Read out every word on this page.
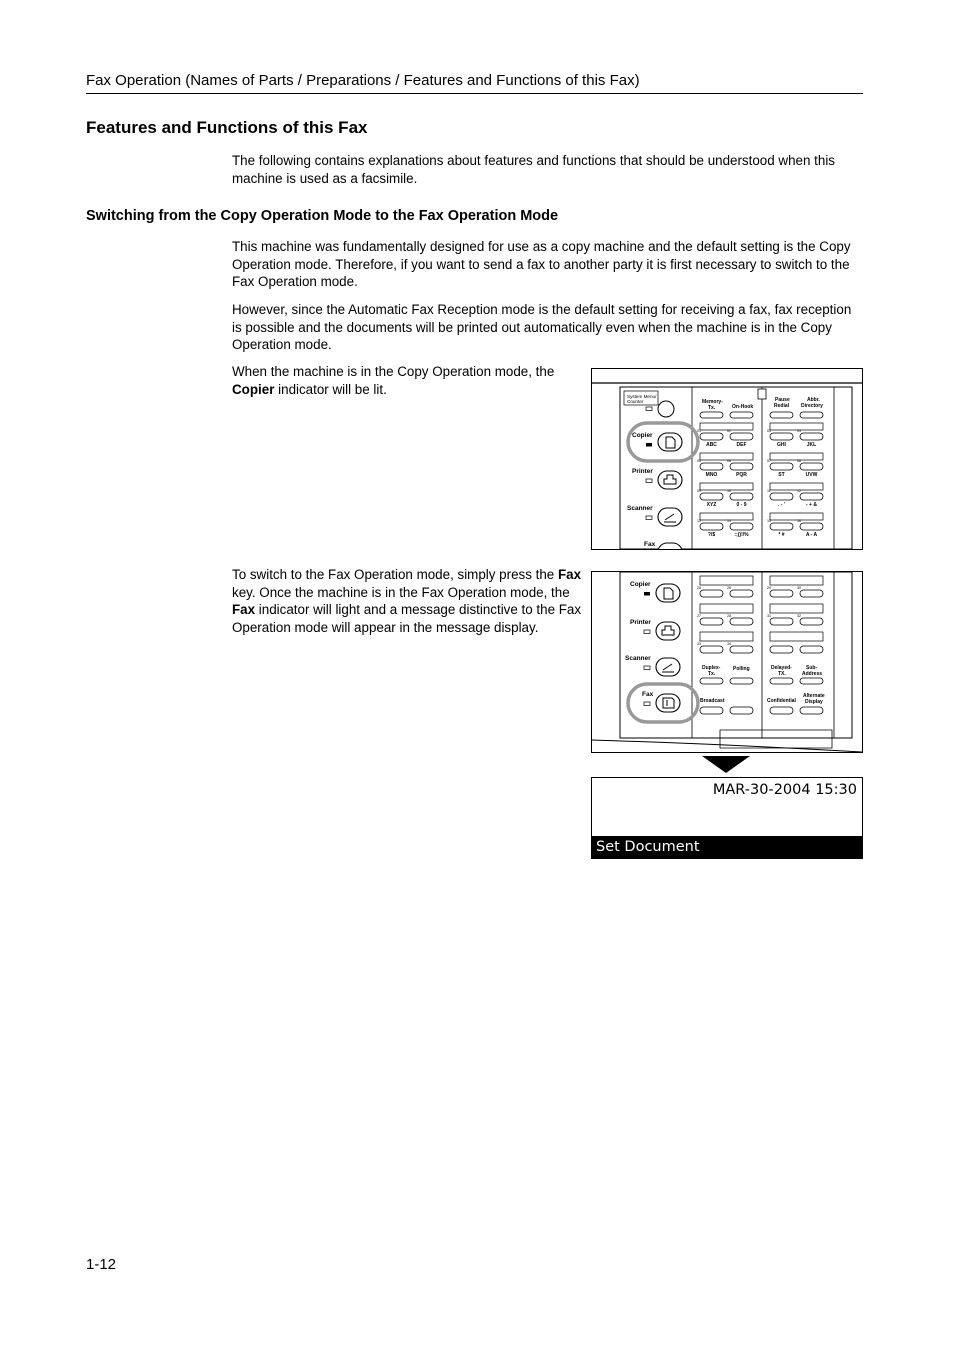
Fax Operation (Names of Parts / Preparations / Features and Functions of this Fax)
Features and Functions of this Fax

The following contains explanations about features and functions that should be understood when this machine is used as a facsimile.

Switching from the Copy Operation Mode to the Fax Operation Mode

This machine was fundamentally designed for use as a copy machine and the default setting is the Copy Operation mode. Therefore, if you want to send a fax to another party it is first necessary to switch to the Fax Operation mode.

However, since the Automatic Fax Reception mode is the default setting for receiving a fax, fax reception is possible and the documents will be printed out automatically even when the machine is in the Copy Operation mode.

When the machine is in the Copy Operation mode, the Copier indicator will be lit.

To switch to the Fax Operation mode, simply press the Fax key. Once the machine is in the Fax Operation mode, the Fax indicator will light and a message distinctive to the Fax Operation mode will appear in the message display.

System Menu/
Counter
Copier
Printer
Scanner
Fax
Memory-
Tx.	On-Hook
Pause
Redial
Abbr.
Directory
01
ABC
02
DEF
03
GHI
04
JKL
05
MNO
06
PQR
07
ST
08
UVW
09
XYZ
10
0 - 9
11
. - '
12
- + &
13
?/$
14
:;()!/%
15
* #
16
A - A
Copier
Printer
Scanner
Fax
Duplex-
Tx.
Polling	Delayed-
TX.
Sub-
Address
Broadcast	Confidential
Alternate
Display
25	26	29	30
27	28	31	32
33	34
MAR-30-2004 15:30
Set Document
1-12
